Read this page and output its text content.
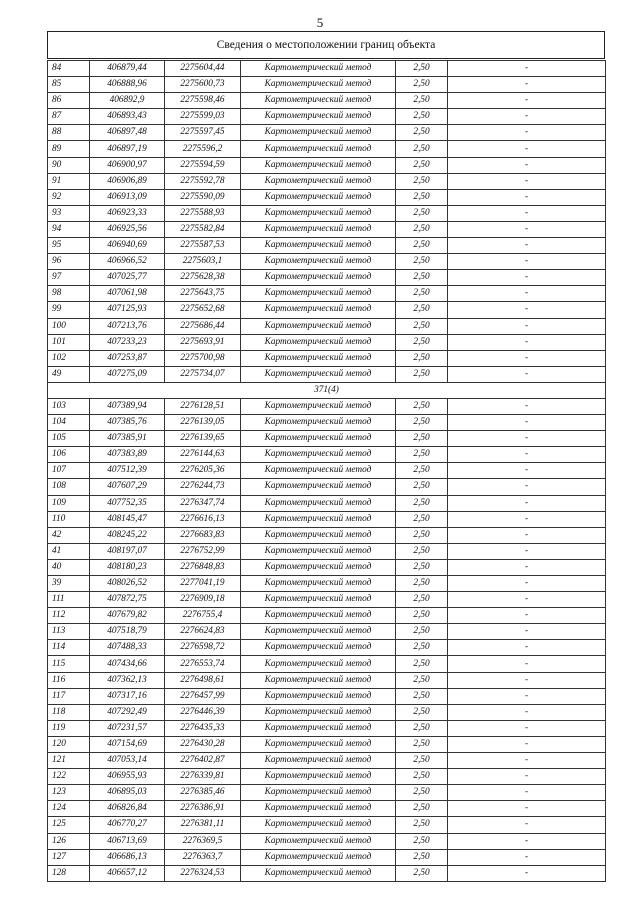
5
Сведения о местоположении границ объекта
84	406879,44	2275604,44	Картометрический метод	2,50	-
85	406888,96	2275600,73	Картометрический метод	2,50	-
86	406892,9	2275598,46	Картометрический метод	2,50	-
87	406893,43	2275599,03	Картометрический метод	2,50	-
88	406897,48	2275597,45	Картометрический метод	2,50	-
89	406897,19	2275596,2	Картометрический метод	2,50	-
90	406900,97	2275594,59	Картометрический метод	2,50	-
91	406906,89	2275592,78	Картометрический метод	2,50	-
92	406913,09	2275590,09	Картометрический метод	2,50	-
93	406923,33	2275588,93	Картометрический метод	2,50	-
94	406925,56	2275582,84	Картометрический метод	2,50	-
95	406940,69	2275587,53	Картометрический метод	2,50	-
96	406966,52	2275603,1	Картометрический метод	2,50	-
97	407025,77	2275628,38	Картометрический метод	2,50	-
98	407061,98	2275643,75	Картометрический метод	2,50	-
99	407125,93	2275652,68	Картометрический метод	2,50	-
100	407213,76	2275686,44	Картометрический метод	2,50	-
101	407233,23	2275693,91	Картометрический метод	2,50	-
102	407253,87	2275700,98	Картометрический метод	2,50	-
49	407275,09	2275734,07	Картометрический метод	2,50	-
371(4)					
103	407389,94	2276128,51	Картометрический метод	2,50	-
104	407385,76	2276139,05	Картометрический метод	2,50	-
105	407385,91	2276139,65	Картометрический метод	2,50	-
106	407383,89	2276144,63	Картометрический метод	2,50	-
107	407512,39	2276205,36	Картометрический метод	2,50	-
108	407607,29	2276244,73	Картометрический метод	2,50	-
109	407752,35	2276347,74	Картометрический метод	2,50	-
110	408145,47	2276616,13	Картометрический метод	2,50	-
42	408245,22	2276683,83	Картометрический метод	2,50	-
41	408197,07	2276752,99	Картометрический метод	2,50	-
40	408180,23	2276848,83	Картометрический метод	2,50	-
39	408026,52	2277041,19	Картометрический метод	2,50	-
111	407872,75	2276909,18	Картометрический метод	2,50	-
112	407679,82	2276755,4	Картометрический метод	2,50	-
113	407518,79	2276624,83	Картометрический метод	2,50	-
114	407488,33	2276598,72	Картометрический метод	2,50	-
115	407434,66	2276553,74	Картометрический метод	2,50	-
116	407362,13	2276498,61	Картометрический метод	2,50	-
117	407317,16	2276457,99	Картометрический метод	2,50	-
118	407292,49	2276446,39	Картометрический метод	2,50	-
119	407231,57	2276435,33	Картометрический метод	2,50	-
120	407154,69	2276430,28	Картометрический метод	2,50	-
121	407053,14	2276402,87	Картометрический метод	2,50	-
122	406955,93	2276339,81	Картометрический метод	2,50	-
123	406895,03	2276385,46	Картометрический метод	2,50	-
124	406826,84	2276386,91	Картометрический метод	2,50	-
125	406770,27	2276381,11	Картометрический метод	2,50	-
126	406713,69	2276369,5	Картометрический метод	2,50	-
127	406686,13	2276363,7	Картометрический метод	2,50	-
128	406657,12	2276324,53	Картометрический метод	2,50	-
